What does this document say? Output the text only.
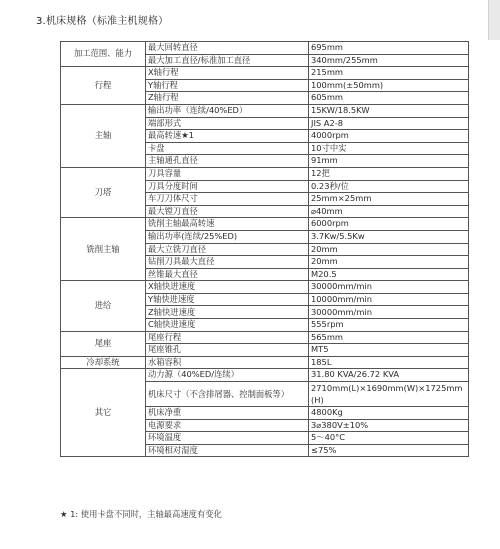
3.机床规格（标准主机规格）
加工范围、能力	最大回转直径	695mm
	最大加工直径/标准加工直径	340mm/255mm
行程	X轴行程	215mm
	Y轴行程	100mm(±50mm)
	Z轴行程	605mm
主轴	输出功率（连续/40%ED）	15KW/18.5KW
	端部形式	JIS A2-8
	最高转速★1	4000rpm
	卡盘	10寸中实
	主轴通孔直径	91mm
刀塔	刀具容量	12把
	刀具分度时间	0.23秒/位
	车刀刀体尺寸	25mm×25mm
	最大镗刀直径	⌀40mm
铣削主轴	铣削主轴最高转速	6000rpm
	输出功率(连续/25%ED)	3.7Kw/5.5Kw
	最大立铣刀直径	20mm
	钻削刀具最大直径	20mm
	丝锥最大直径	M20.5
进给	X轴快进速度	30000mm/min
	Y轴快进速度	10000mm/min
	Z轴快进速度	30000mm/min
	C轴快进速度	555rpm
尾座	尾座行程	565mm
	尾座锥孔	MT5
冷却系统	水箱容积	185L
其它	动力源（40%ED/连续）	31.80 KVA/26.72 KVA
	机床尺寸（不含排屑器、控制面板等）	2710mm(L)×1690mm(W)×1725mm(H)
	机床净重	4800Kg
	电源要求	3⌀380V±10%
	环境温度	5～40°C
	环境相对湿度	≤75%
★ 1: 使用卡盘不同时，主轴最高速度有变化
